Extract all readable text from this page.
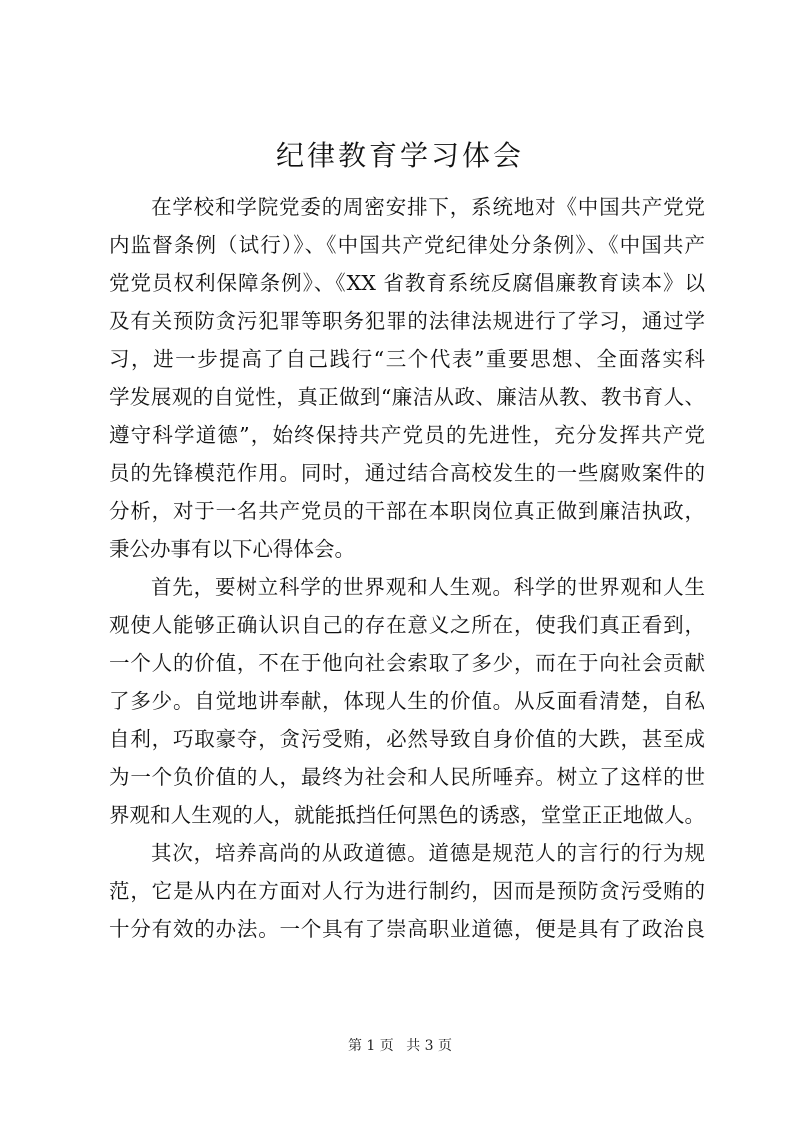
纪律教育学习体会
在学校和学院党委的周密安排下，系统地对《中国共产党党
内监督条例（试行）》、《中国共产党纪律处分条例》、《中国共产
党党员权利保障条例》、《XX 省教育系统反腐倡廉教育读本》以
及有关预防贪污犯罪等职务犯罪的法律法规进行了学习，通过学
习，进一步提高了自己践行“三个代表”重要思想、全面落实科
学发展观的自觉性，真正做到“廉洁从政、廉洁从教、教书育人、
遵守科学道德”，始终保持共产党员的先进性，充分发挥共产党
员的先锋模范作用。同时，通过结合高校发生的一些腐败案件的
分析，对于一名共产党员的干部在本职岗位真正做到廉洁执政，
秉公办事有以下心得体会。
首先，要树立科学的世界观和人生观。科学的世界观和人生
观使人能够正确认识自己的存在意义之所在，使我们真正看到，
一个人的价值，不在于他向社会索取了多少，而在于向社会贡献
了多少。自觉地讲奉献，体现人生的价值。从反面看清楚，自私
自利，巧取豪夺，贪污受贿，必然导致自身价值的大跌，甚至成
为一个负价值的人，最终为社会和人民所唾弃。树立了这样的世
界观和人生观的人，就能抵挡任何黑色的诱惑，堂堂正正地做人。
其次，培养高尚的从政道德。道德是规范人的言行的行为规
范，它是从内在方面对人行为进行制约，因而是预防贪污受贿的
十分有效的办法。一个具有了崇高职业道德，便是具有了政治良
第 1 页 共 3 页
